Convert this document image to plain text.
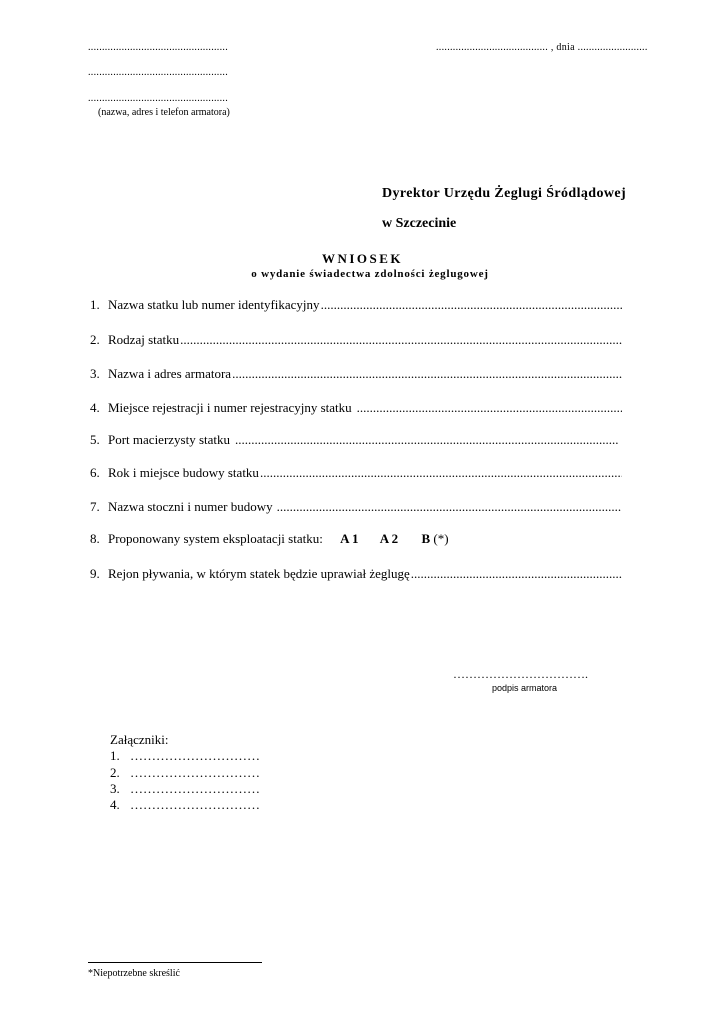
..................................................
..................................................
..................................................
(nazwa, adres i telefon armatora)
........................................ , dnia .........................
Dyrektor Urzędu Żeglugi Śródlądowej
w Szczecinie
WNIOSEK
o wydanie świadectwa zdolności żeglugowej
1. Nazwa statku lub numer identyfikacyjny
.....
2. Rodzaj statku
.....
3. Nazwa i adres armatora
.....
4. Miejsce rejestracji i numer rejestracyjny statku
.....
5. Port macierzysty statku
.....
6. Rok i miejsce budowy statku
.....
7. Nazwa stoczni i numer budowy
.....
8. Proponowany system eksploatacji statku: A 1 A 2 B (*)
9. Rejon pływania, w którym statek będzie uprawiał żeglugę
.....
…………………………….
podpis armatora
Załączniki:
1. …………………………
2. …………………………
3. …………………………
4. …………………………
*Niepotrzebne skreślić
